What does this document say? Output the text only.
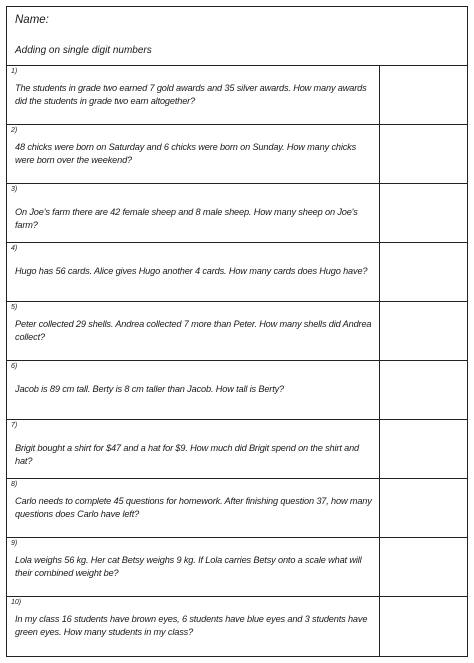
Name:
Adding on single digit numbers
1)
The students in grade two earned 7 gold awards and 35 silver awards. How many awards did the students in grade two earn altogether?
2)
48 chicks were born on Saturday and 6 chicks were born on Sunday. How many chicks were born over the weekend?
3)
On Joe's farm there are 42 female sheep and 8 male sheep. How many sheep on Joe's farm?
4)
Hugo has 56 cards. Alice gives Hugo another 4 cards. How many cards does Hugo have?
5)
Peter collected 29 shells. Andrea collected 7 more than Peter. How many shells did Andrea collect?
6)
Jacob is 89 cm tall. Berty is 8 cm taller than Jacob. How tall is Berty?
7)
Brigit bought a shirt for $47 and a hat for $9. How much did Brigit spend on the shirt and hat?
8)
Carlo needs to complete 45 questions for homework. After finishing question 37, how many questions does Carlo have left?
9)
Lola weighs 56 kg. Her cat Betsy weighs 9 kg. If Lola carries Betsy onto a scale what will their combined weight be?
10)
In my class 16 students have brown eyes, 6 students have blue eyes and 3 students have green eyes. How many students in my class?
